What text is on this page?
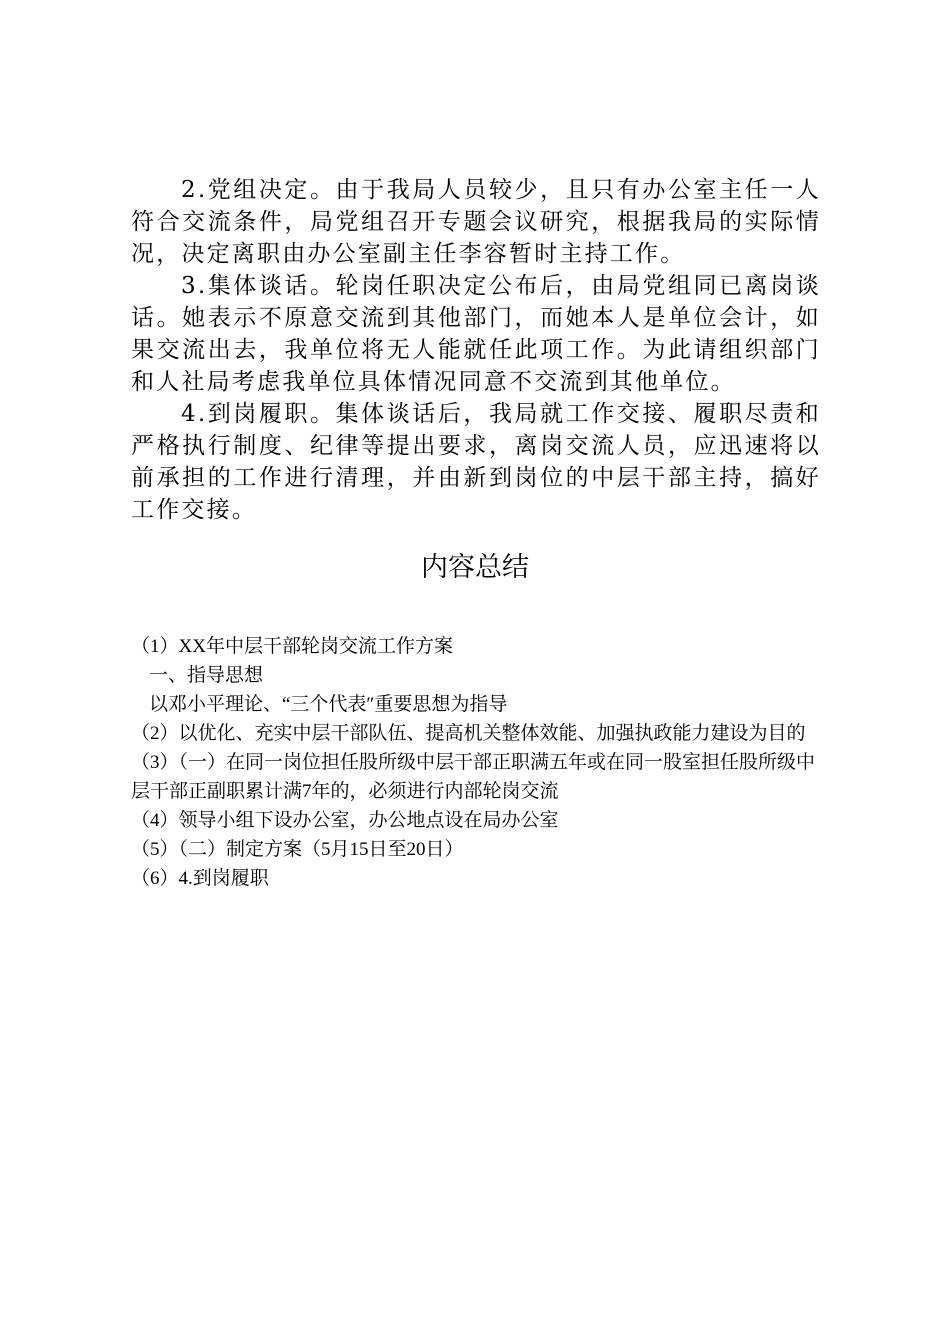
2.党组决定。由于我局人员较少，且只有办公室主任一人符合交流条件，局党组召开专题会议研究，根据我局的实际情况，决定离职由办公室副主任李容暂时主持工作。

3.集体谈话。轮岗任职决定公布后，由局党组同已离岗谈话。她表示不原意交流到其他部门，而她本人是单位会计，如果交流出去，我单位将无人能就任此项工作。为此请组织部门和人社局考虑我单位具体情况同意不交流到其他单位。

4.到岗履职。集体谈话后，我局就工作交接、履职尽责和严格执行制度、纪律等提出要求，离岗交流人员，应迅速将以前承担的工作进行清理，并由新到岗位的中层干部主持，搞好工作交接。

内容总结

（1）XX年中层干部轮岗交流工作方案

一、指导思想

以邓小平理论、“三个代表″重要思想为指导

（2）以优化、充实中层干部队伍、提高机关整体效能、加强执政能力建设为目的

（3）（一）在同一岗位担任股所级中层干部正职满五年或在同一股室担任股所级中层干部正副职累计满7年的，必须进行内部轮岗交流

（4）领导小组下设办公室，办公地点设在局办公室

（5）（二）制定方案（5月15日至20日）

（6）4.到岗履职
